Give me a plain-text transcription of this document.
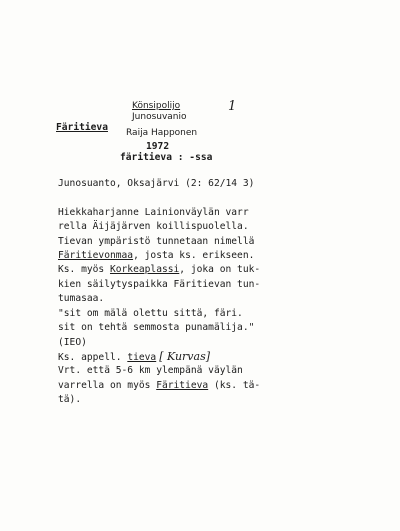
1
Färitieva
Könsipolijo
Junosuvanio
Raija Happonen
1972
färitieva : -ssa
Junosuanto, Oksajärvi (2: 62/14 3)
Hiekkaharjanne Lainionväylän varr
rella Äijäjärven koillispuolella.
Tievan ympäristö tunnetaan nimellä
Färitievonmaa, josta ks. erikseen.
Ks. myös Korkeaplassi, joka on tuk-
kien säilytyspaikka Färitievan tun-
tumasaa.
"sit om mälä olettu sittä, färi.
sit on tehtä semmosta punamälija."
(IEO)
Ks. appell. tieva [ Kurvas]
Vrt. että 5-6 km ylempänä väylän
varrella on myös Färitieva (ks. tä-
tä).
